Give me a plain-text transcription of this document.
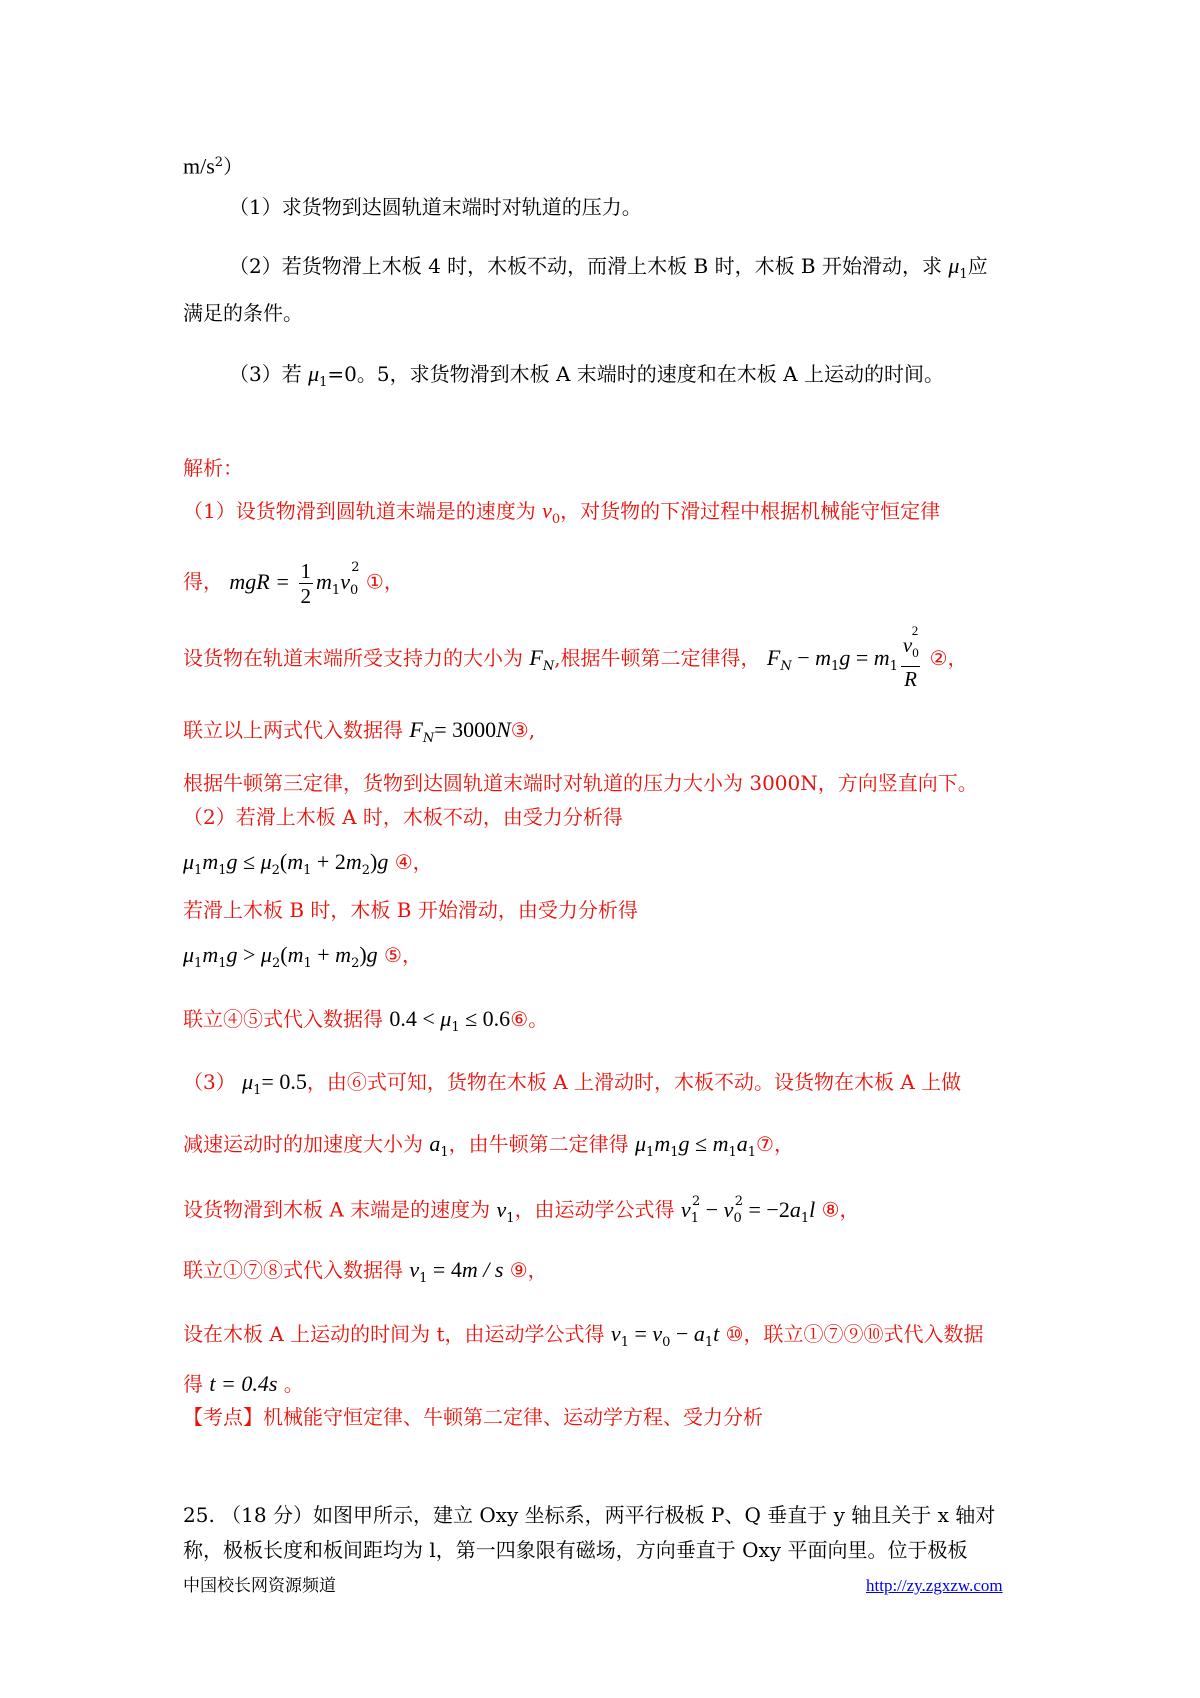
$m/s^2$）
（1）求货物到达圆轨道末端时对轨道的压力。
（2）若货物滑上木板 4 时，木板不动，而滑上木板 B 时，木板 B 开始滑动，求 $\mu_1$应
满足的条件。
（3）若 $\mu_1=0$。5，求货物滑到木板 A 末端时的速度和在木板 A 上运动的时间。
解析：
（1）设货物滑到圆轨道末端是的速度为 $v_0$，对货物的下滑过程中根据机械能守恒定律
得， mgR = $\frac{1}{2} m_1v_0^2$ ①，
设货物在轨道末端所受支持力的大小为 $F_N$,根据牛顿第二定律得， $F_N - m_1g = m_1 \frac{v_0^2}{R}$ ②，
联立以上两式代入数据得 $F_N=$ 3000N③,
根据牛顿第三定律，货物到达圆轨道末端时对轨道的压力大小为 3000N，方向竖直向下。
（2）若滑上木板 A 时，木板不动，由受力分析得
$\mu_1m_1g \le \mu_2(m_1 + 2m_2)g$ ④，
若滑上木板 B 时，木板 B 开始滑动，由受力分析得
$\mu_1m_1g > \mu_2(m_1 + m_2)g$ ⑤，
联立④⑤式代入数据得 $0.4 < \mu_1$ ≤ 0.6⑥。
（3） $\mu_1= 0.5$，由⑥式可知，货物在木板 A 上滑动时，木板不动。设货物在木板 A 上做
减速运动时的加速度大小为 $a_1$，由牛顿第二定律得 $\mu_1m_1g$ ≤ $m_1a_1⑦$，
设货物滑到木板 A 末端是的速度为 $v_1$，由运动学公式得 $v_1^2 - v_0^2 = -2a_1l$ ⑧，
联立①⑦⑧式代入数据得 $v_1 = 4m / s$ ⑨，
设在木板 A 上运动的时间为 t，由运动学公式得 $v_1 = v_0 - a_1t$ ⑩，联立①⑦⑨⑩式代入数据
得 t = 0.4s 。
【考点】机械能守恒定律、牛顿第二定律、运动学方程、受力分析
25. （18 分）如图甲所示，建立 Oxy 坐标系，两平行极板 P、Q 垂直于 y 轴且关于 x 轴对
称，极板长度和板间距均为 l，第一四象限有磁场，方向垂直于 Oxy 平面向里。位于极板
中国校长网资源频道	http://zy.zgxzw.com
